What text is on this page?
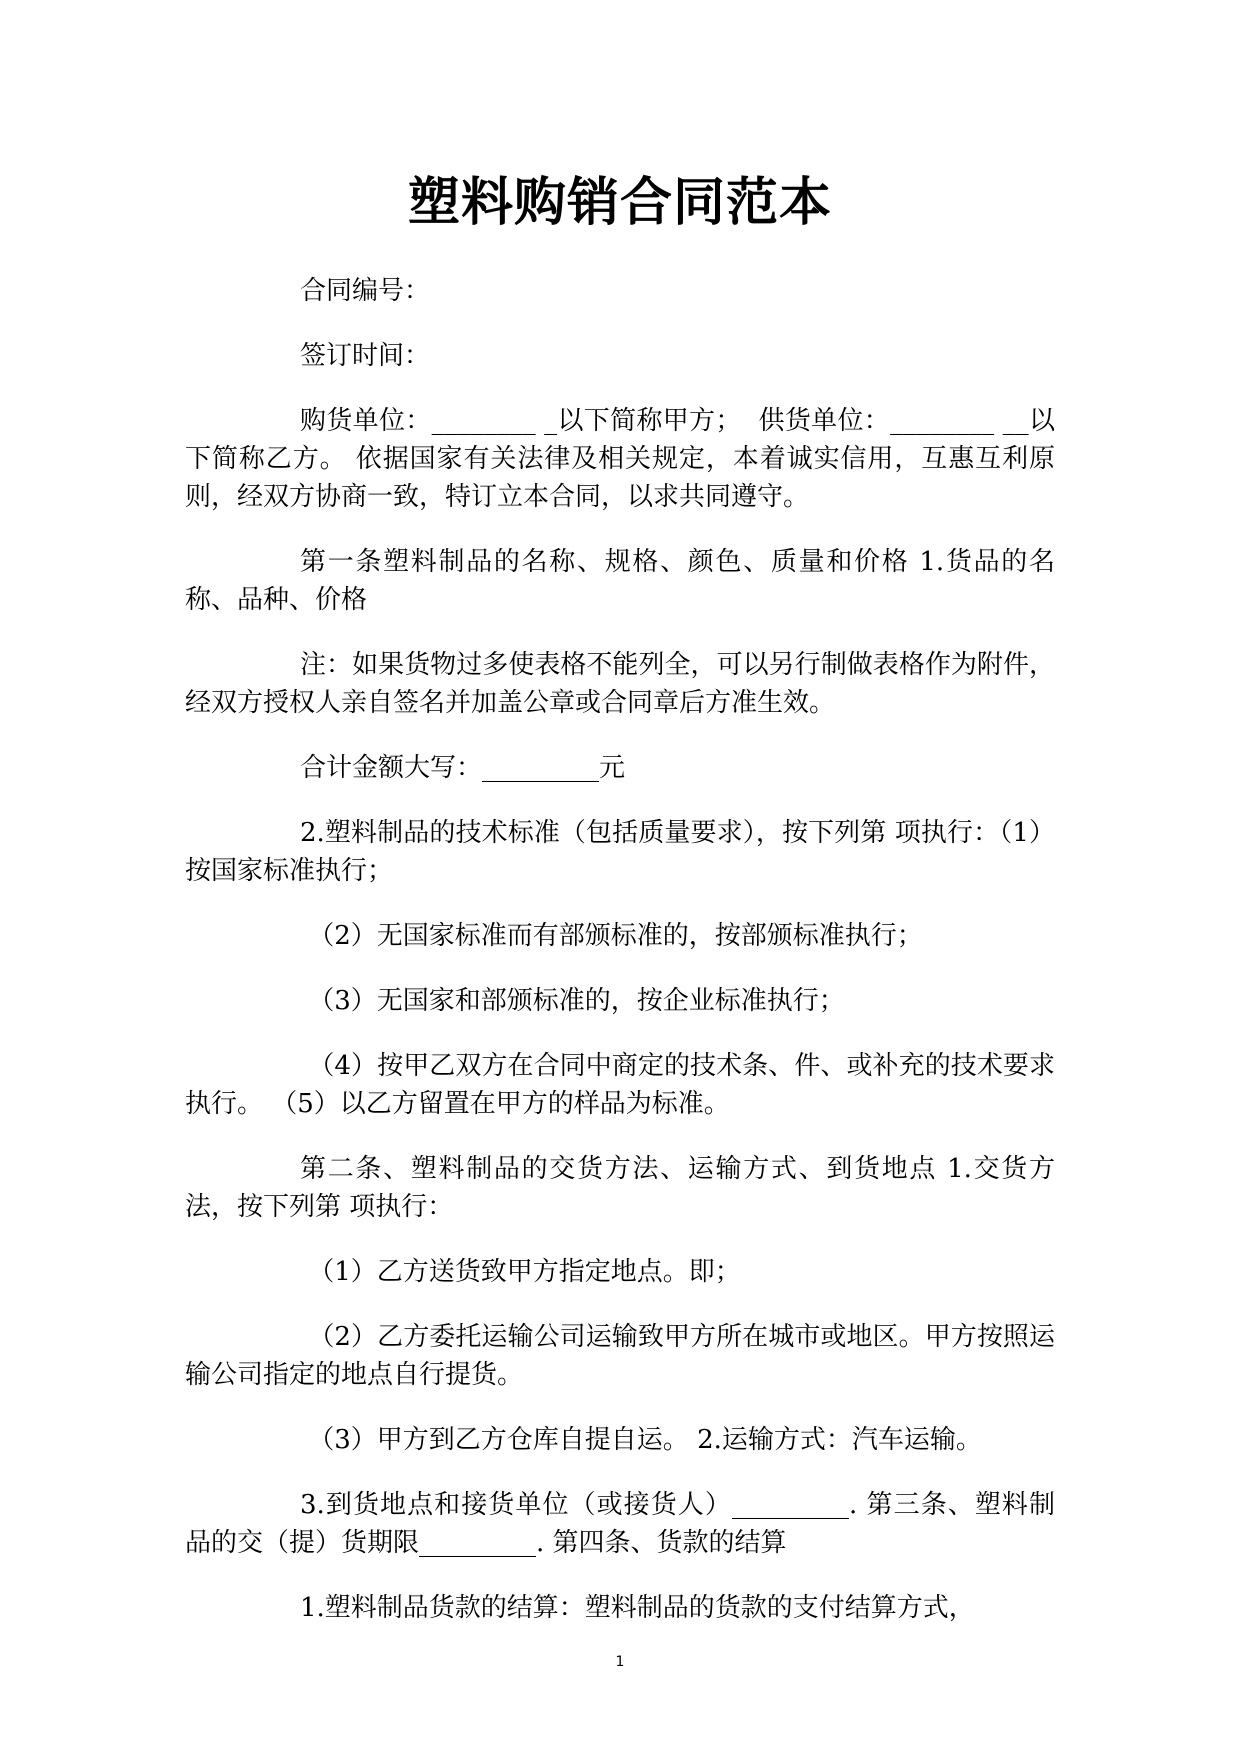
塑料购销合同范本

合同编号：

签订时间：

购货单位：________ _以下简称甲方；  供货单位：________ __以下简称乙方。 依据国家有关法律及相关规定，本着诚实信用，互惠互利原则，经双方协商一致，特订立本合同，以求共同遵守。

第一条塑料制品的名称、规格、颜色、质量和价格 1.货品的名称、品种、价格

注：如果货物过多使表格不能列全，可以另行制做表格作为附件，经双方授权人亲自签名并加盖公章或合同章后方准生效。

合计金额大写：_________元

2.塑料制品的技术标准（包括质量要求），按下列第 项执行：（1）按国家标准执行；

（2）无国家标准而有部颁标准的，按部颁标准执行；

（3）无国家和部颁标准的，按企业标准执行；

（4）按甲乙双方在合同中商定的技术条、件、或补充的技术要求执行。 （5）以乙方留置在甲方的样品为标准。

第二条、塑料制品的交货方法、运输方式、到货地点 1.交货方法，按下列第 项执行：

（1）乙方送货致甲方指定地点。即；

（2）乙方委托运输公司运输致甲方所在城市或地区。甲方按照运输公司指定的地点自行提货。

（3）甲方到乙方仓库自提自运。 2.运输方式：汽车运输。

3.到货地点和接货单位（或接货人）_________. 第三条、塑料制品的交（提）货期限_________. 第四条、货款的结算

1.塑料制品货款的结算：塑料制品的货款的支付结算方式，

1
